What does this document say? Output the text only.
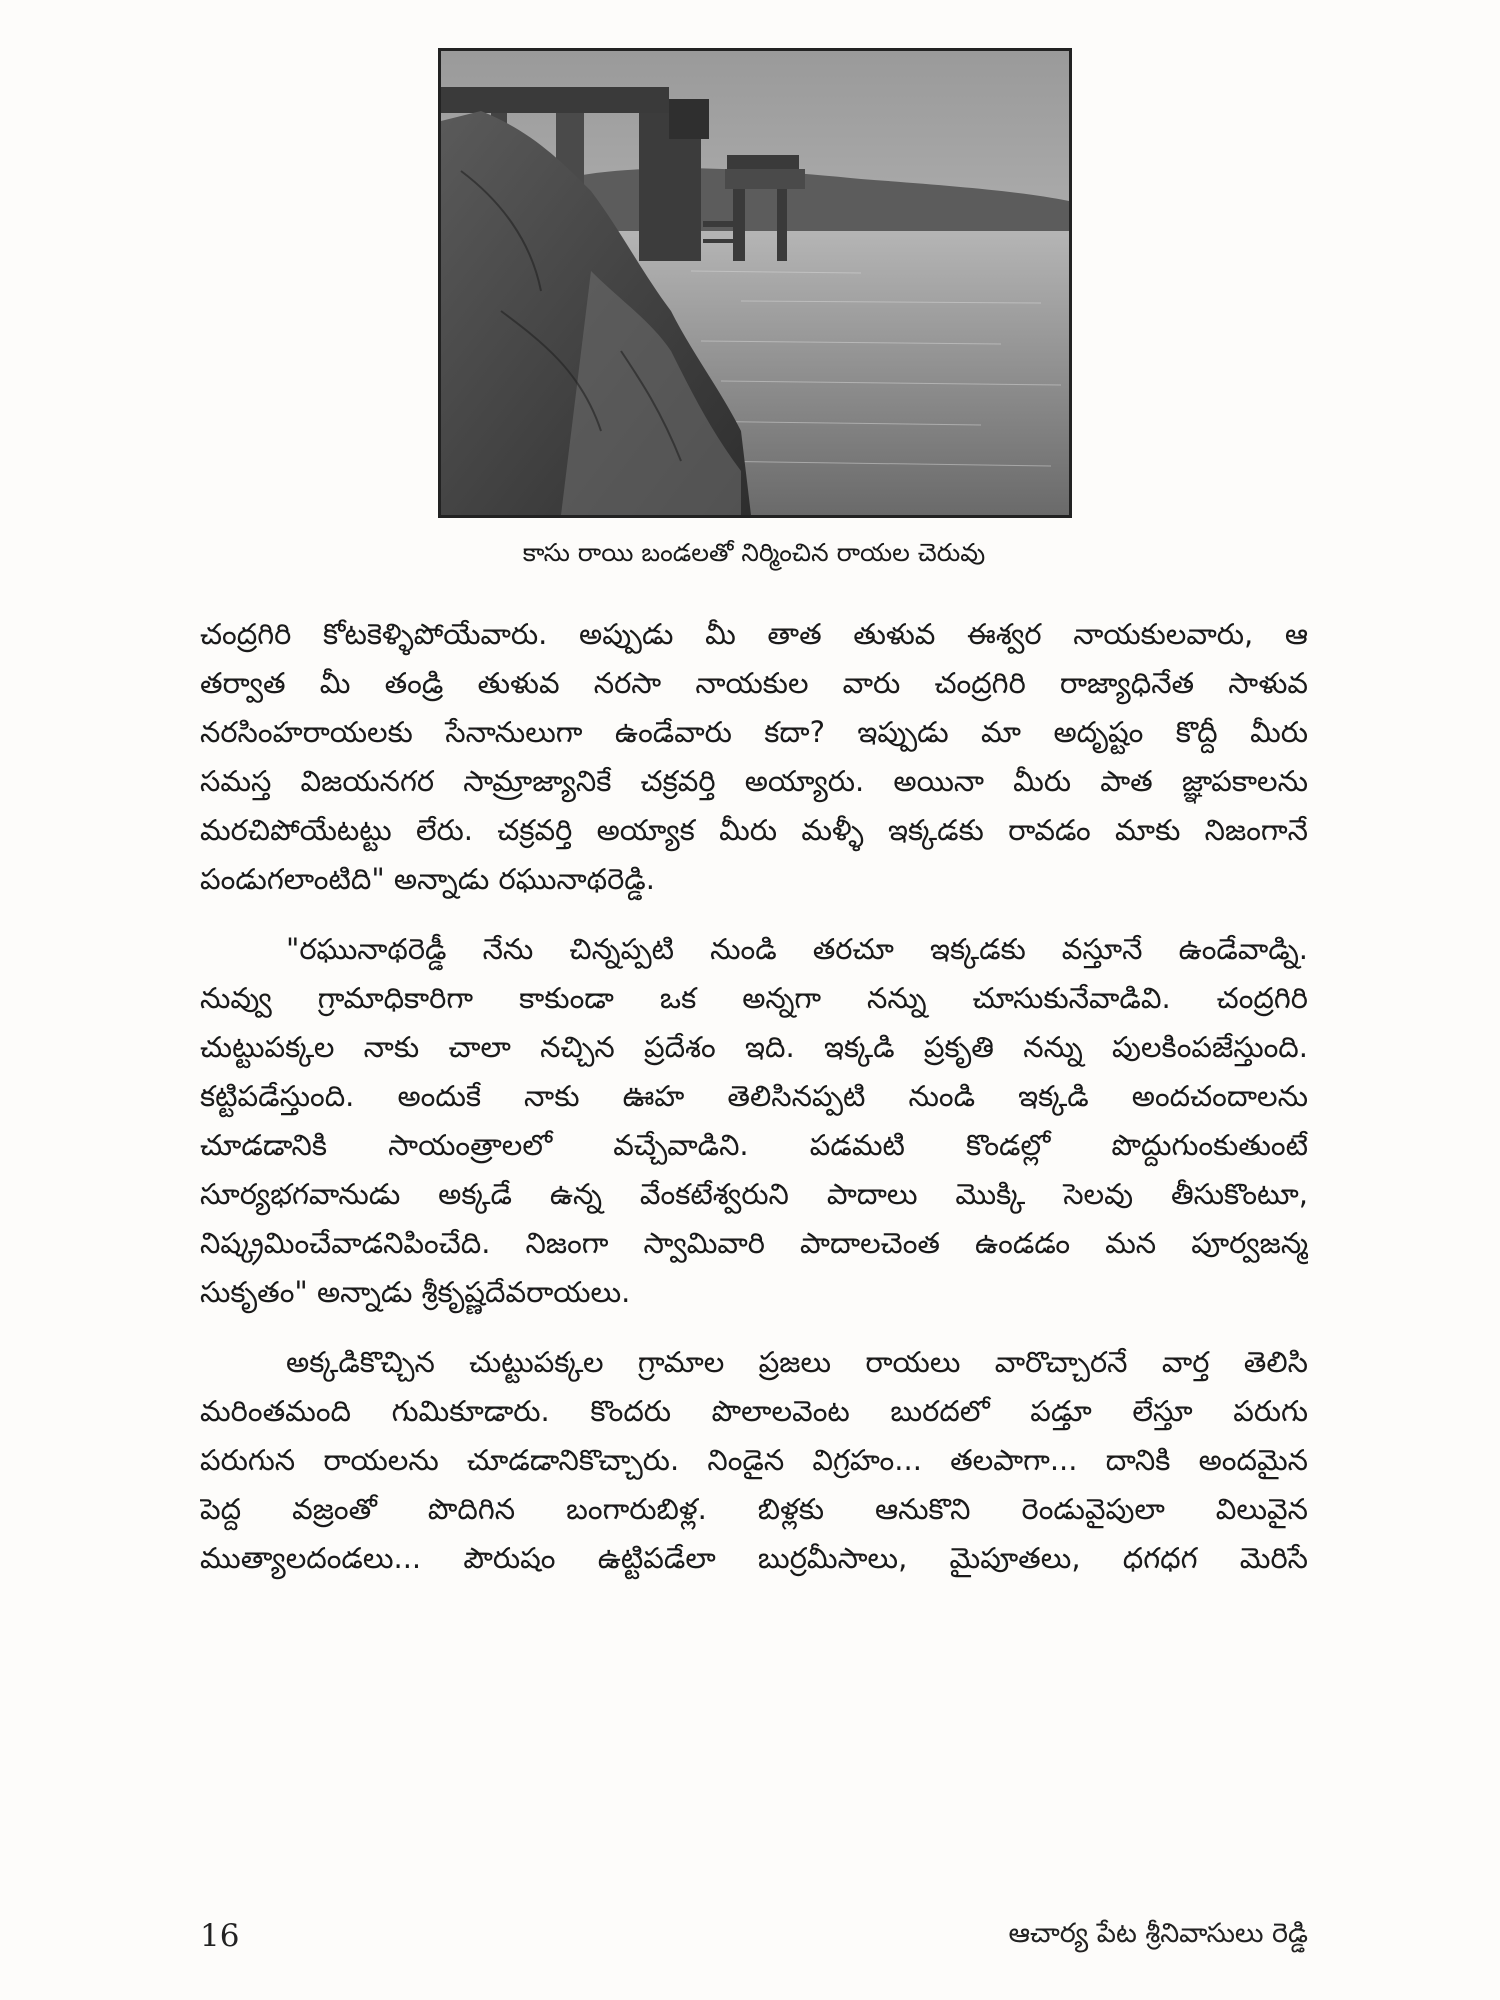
కాసు రాయి బండలతో నిర్మించిన రాయల చెరువు

చంద్రగిరి కోటకెళ్ళిపోయేవారు. అప్పుడు మీ తాత తుళువ ఈశ్వర నాయకులవారు, ఆ
తర్వాత మీ తండ్రి తుళువ నరసా నాయకుల వారు చంద్రగిరి రాజ్యాధినేత సాళువ
నరసింహరాయలకు సేనానులుగా ఉండేవారు కదా? ఇప్పుడు మా అదృష్టం కొద్దీ మీరు
సమస్త విజయనగర సామ్రాజ్యానికే చక్రవర్తి అయ్యారు. అయినా మీరు పాత జ్ఞాపకాలను
మరచిపోయేటట్టు లేరు. చక్రవర్తి అయ్యాక మీరు మళ్ళీ ఇక్కడకు రావడం మాకు నిజంగానే
పండుగలాంటిది" అన్నాడు రఘునాథరెడ్డి.

"రఘునాథరెడ్డీ నేను చిన్నప్పటి నుండి తరచూ ఇక్కడకు వస్తూనే ఉండేవాడ్ని.
నువ్వు గ్రామాధికారిగా కాకుండా ఒక అన్నగా నన్ను చూసుకునేవాడివి. చంద్రగిరి
చుట్టుపక్కల నాకు చాలా నచ్చిన ప్రదేశం ఇది. ఇక్కడి ప్రకృతి నన్ను పులకింపజేస్తుంది.
కట్టిపడేస్తుంది. అందుకే నాకు ఊహ తెలిసినప్పటి నుండి ఇక్కడి అందచందాలను
చూడడానికి సాయంత్రాలలో వచ్చేవాడిని. పడమటి కొండల్లో పొద్దుగుంకుతుంటే
సూర్యభగవానుడు అక్కడే ఉన్న వేంకటేశ్వరుని పాదాలు మొక్కి సెలవు తీసుకొంటూ,
నిష్క్రమించేవాడనిపించేది. నిజంగా స్వామివారి పాదాలచెంత ఉండడం మన పూర్వజన్మ
సుకృతం" అన్నాడు శ్రీకృష్ణదేవరాయలు.

అక్కడికొచ్చిన చుట్టుపక్కల గ్రామాల ప్రజలు రాయలు వారొచ్చారనే వార్త తెలిసి
మరింతమంది గుమికూడారు. కొందరు పొలాలవెంట బురదలో పడ్తూ లేస్తూ పరుగు
పరుగున రాయలను చూడడానికొచ్చారు. నిండైన విగ్రహం... తలపాగా... దానికి అందమైన
పెద్ద వజ్రంతో పొదిగిన బంగారుబిళ్ల. బిళ్లకు ఆనుకొని రెండువైపులా విలువైన
ముత్యాలదండలు... పౌరుషం ఉట్టిపడేలా బుర్రమీసాలు, మైపూతలు, ధగధగ మెరిసే

16	ఆచార్య పేట శ్రీనివాసులు రెడ్డి
